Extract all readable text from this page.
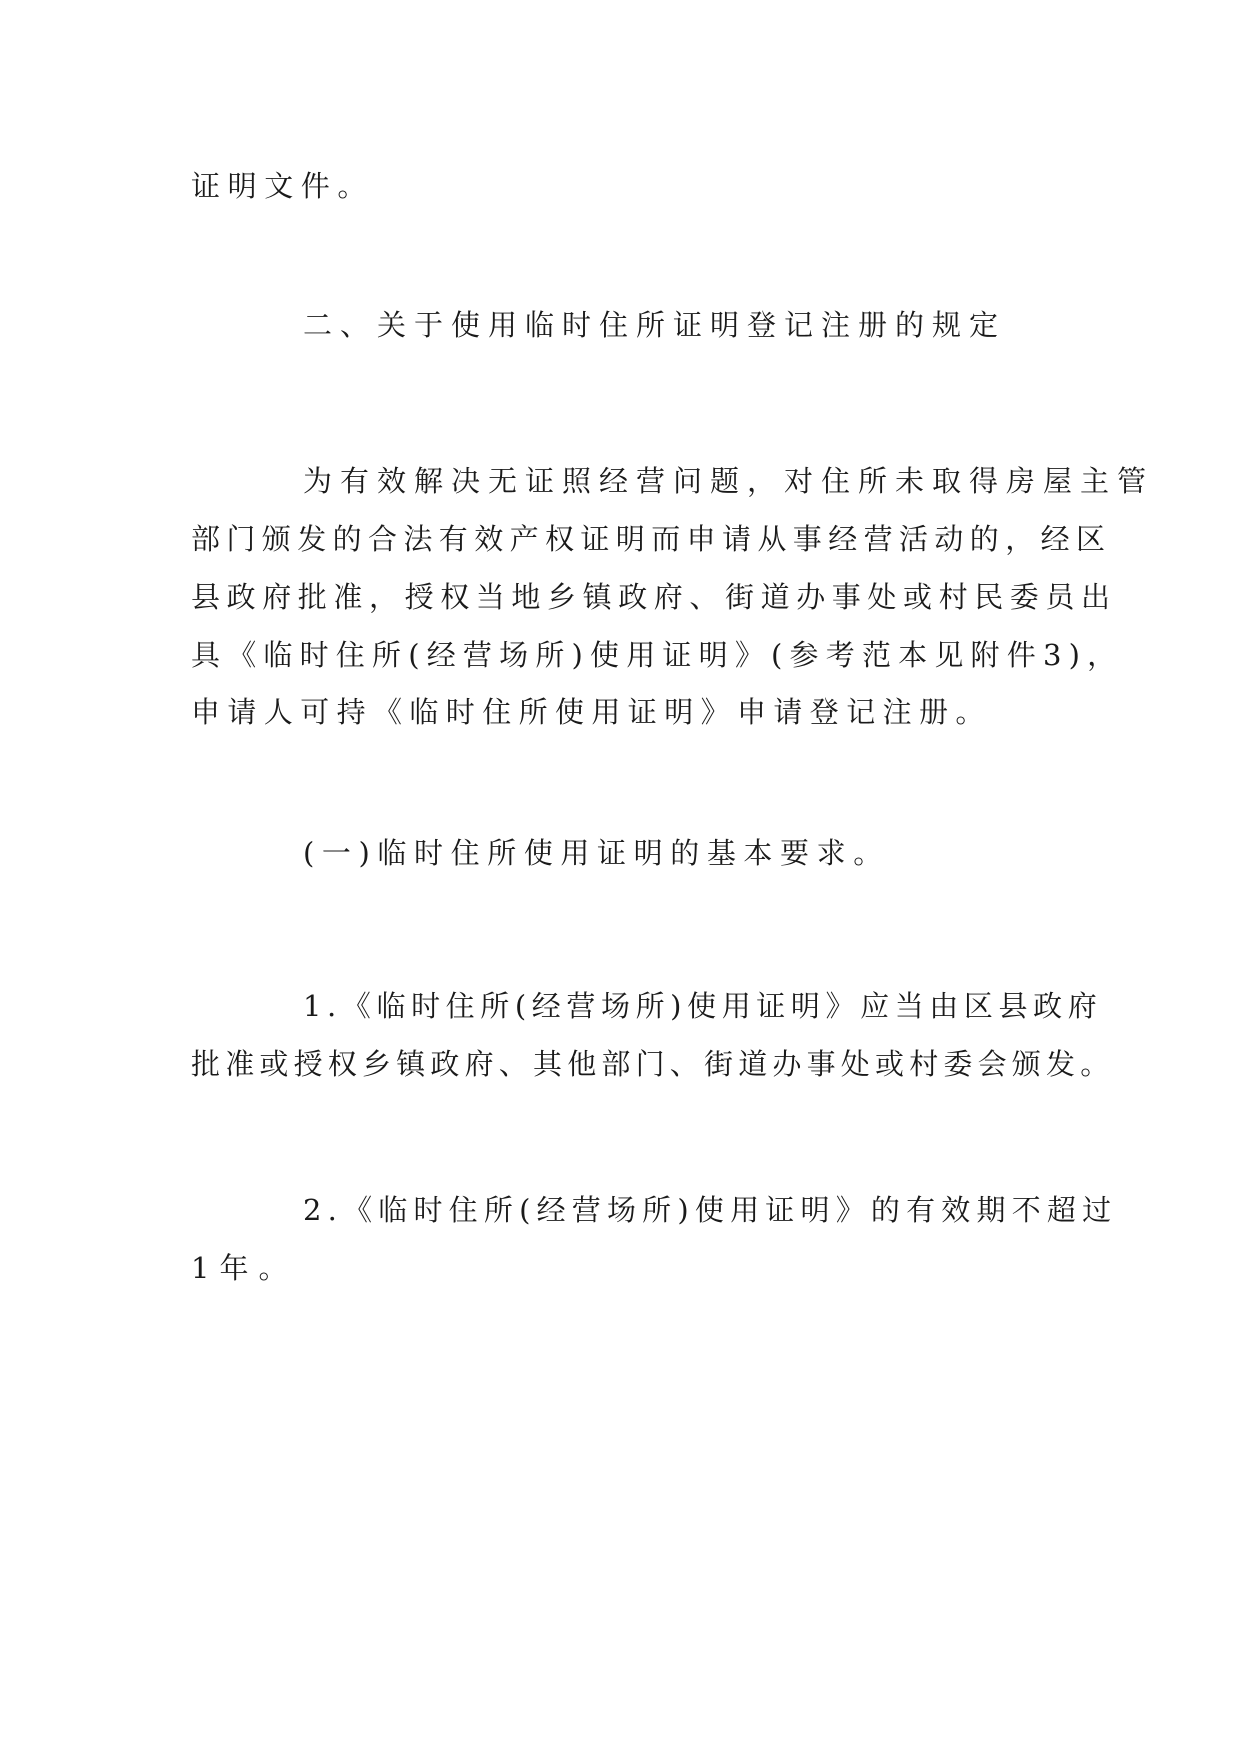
证明文件。
二、关于使用临时住所证明登记注册的规定
为有效解决无证照经营问题，对住所未取得房屋主管
部门颁发的合法有效产权证明而申请从事经营活动的，经区
县政府批准，授权当地乡镇政府、街道办事处或村民委员出
具《临时住所(经营场所)使用证明》(参考范本见附件3)，
申请人可持《临时住所使用证明》申请登记注册。
(一)临时住所使用证明的基本要求。
1.《临时住所(经营场所)使用证明》应当由区县政府
批准或授权乡镇政府、其他部门、街道办事处或村委会颁发。
2.《临时住所(经营场所)使用证明》的有效期不超过
1年。
